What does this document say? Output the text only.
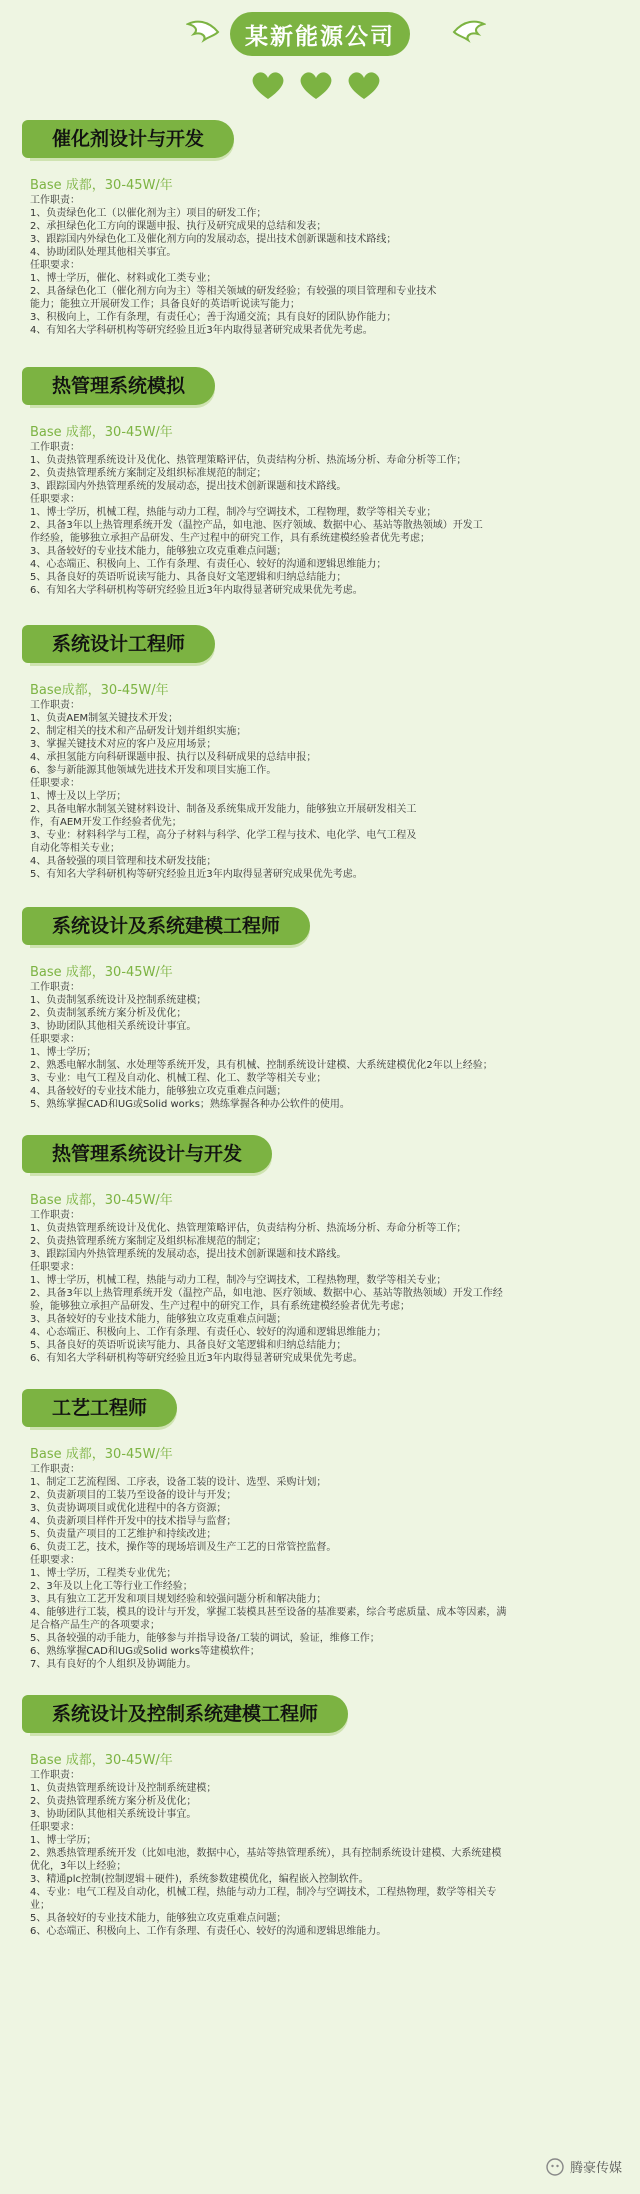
某新能源公司
催化剂设计与开发
Base 成都，30-45W/年

工作职责：

1、负责绿色化工（以催化剂为主）项目的研发工作；

2、承担绿色化工方向的课题申报、执行及研究成果的总结和发表；

3、跟踪国内外绿色化工及催化剂方向的发展动态，提出技术创新课题和技术路线；

4、协助团队处理其他相关事宜。

任职要求：

1、博士学历，催化、材料或化工类专业；

2、具备绿色化工（催化剂方向为主）等相关领域的研发经验；有较强的项目管理和专业技术

能力；能独立开展研发工作；具备良好的英语听说读写能力；

3、积极向上，工作有条理，有责任心；善于沟通交流；具有良好的团队协作能力；

4、有知名大学科研机构等研究经验且近3年内取得显著研究成果者优先考虑。

热管理系统模拟
Base 成都，30-45W/年

工作职责：

1、负责热管理系统设计及优化、热管理策略评估，负责结构分析、热流场分析、寿命分析等工作；

2、负责热管理系统方案制定及组织标准规范的制定；

3、跟踪国内外热管理系统的发展动态，提出技术创新课题和技术路线。

任职要求：

1、博士学历，机械工程，热能与动力工程，制冷与空调技术，工程物理，数学等相关专业；

2、具备3年以上热管理系统开发（温控产品，如电池、医疗领域、数据中心、基站等散热领域）开发工

作经验，能够独立承担产品研发、生产过程中的研究工作，具有系统建模经验者优先考虑；

3、具备较好的专业技术能力，能够独立攻克重难点问题；

4、心态端正、积极向上、工作有条理、有责任心、较好的沟通和逻辑思维能力；

5、具备良好的英语听说读写能力、具备良好文笔逻辑和归纳总结能力；

6、有知名大学科研机构等研究经验且近3年内取得显著研究成果优先考虑。

系统设计工程师
Base成都，30-45W/年

工作职责：

1、负责AEM制氢关键技术开发；

2、制定相关的技术和产品研发计划并组织实施；

3、掌握关键技术对应的客户及应用场景；

4、承担氢能方向科研课题申报、执行以及科研成果的总结申报；

6、参与新能源其他领域先进技术开发和项目实施工作。

任职要求：

1、博士及以上学历；

2、具备电解水制氢关键材料设计、制备及系统集成开发能力，能够独立开展研发相关工

作，有AEM开发工作经验者优先；

3、专业：材料科学与工程，高分子材料与科学、化学工程与技术、电化学、电气工程及

自动化等相关专业；

4、具备较强的项目管理和技术研发技能；

5、有知名大学科研机构等研究经验且近3年内取得显著研究成果优先考虑。

系统设计及系统建模工程师
Base 成都，30-45W/年

工作职责：

1、负责制氢系统设计及控制系统建模；

2、负责制氢系统方案分析及优化；

3、协助团队其他相关系统设计事宜。

任职要求：

1、博士学历；

2、熟悉电解水制氢、水处理等系统开发，具有机械、控制系统设计建模、大系统建模优化2年以上经验；

3、专业：电气工程及自动化、机械工程、化工、数学等相关专业；

4、具备较好的专业技术能力，能够独立攻克重难点问题；

5、熟练掌握CAD和UG或Solid works；熟练掌握各种办公软件的使用。

热管理系统设计与开发
Base 成都，30-45W/年

工作职责：

1、负责热管理系统设计及优化、热管理策略评估，负责结构分析、热流场分析、寿命分析等工作；

2、负责热管理系统方案制定及组织标准规范的制定；

3、跟踪国内外热管理系统的发展动态，提出技术创新课题和技术路线。

任职要求：

1、博士学历，机械工程，热能与动力工程，制冷与空调技术，工程热物理，数学等相关专业；

2、具备3年以上热管理系统开发（温控产品，如电池、医疗领域、数据中心、基站等散热领域）开发工作经

验，能够独立承担产品研发、生产过程中的研究工作，具有系统建模经验者优先考虑；

3、具备较好的专业技术能力，能够独立攻克重难点问题；

4、心态端正、积极向上、工作有条理、有责任心、较好的沟通和逻辑思维能力；

5、具备良好的英语听说读写能力、具备良好文笔逻辑和归纳总结能力；

6、有知名大学科研机构等研究经验且近3年内取得显著研究成果优先考虑。

工艺工程师
Base 成都，30-45W/年

工作职责：

1、制定工艺流程图、工序表，设备工装的设计、选型、采购计划；

2、负责新项目的工装乃至设备的设计与开发；

3、负责协调项目或优化进程中的各方资源；

4、负责新项目样件开发中的技术指导与监督；

5、负责量产项目的工艺维护和持续改进；

6、负责工艺，技术，操作等的现场培训及生产工艺的日常管控监督。

任职要求：

1、博士学历，工程类专业优先；

2、3年及以上化工等行业工作经验；

3、具有独立工艺开发和项目规划经验和较强问题分析和解决能力；

4、能够进行工装，模具的设计与开发，掌握工装模具甚至设备的基准要素，综合考虑质量、成本等因素，满

足合格产品生产的各项要求；

5、具备较强的动手能力，能够参与并指导设备/工装的调试，验证，维修工作；

6、熟练掌握CAD和UG或Solid works等建模软件；

7、具有良好的个人组织及协调能力。

系统设计及控制系统建模工程师
Base 成都，30-45W/年

工作职责：

1、负责热管理系统设计及控制系统建模；

2、负责热管理系统方案分析及优化；

3、协助团队其他相关系统设计事宜。

任职要求：

1、博士学历；

2、熟悉热管理系统开发（比如电池，数据中心，基站等热管理系统），具有控制系统设计建模、大系统建模

优化，3年以上经验；

3、精通plc控制(控制逻辑＋硬件)，系统参数建模优化，编程嵌入控制软件。

4、专业：电气工程及自动化，机械工程，热能与动力工程，制冷与空调技术，工程热物理，数学等相关专

业；

5、具备较好的专业技术能力，能够独立攻克重难点问题；

6、心态端正、积极向上、工作有条理、有责任心、较好的沟通和逻辑思维能力。

腾豪传媒
